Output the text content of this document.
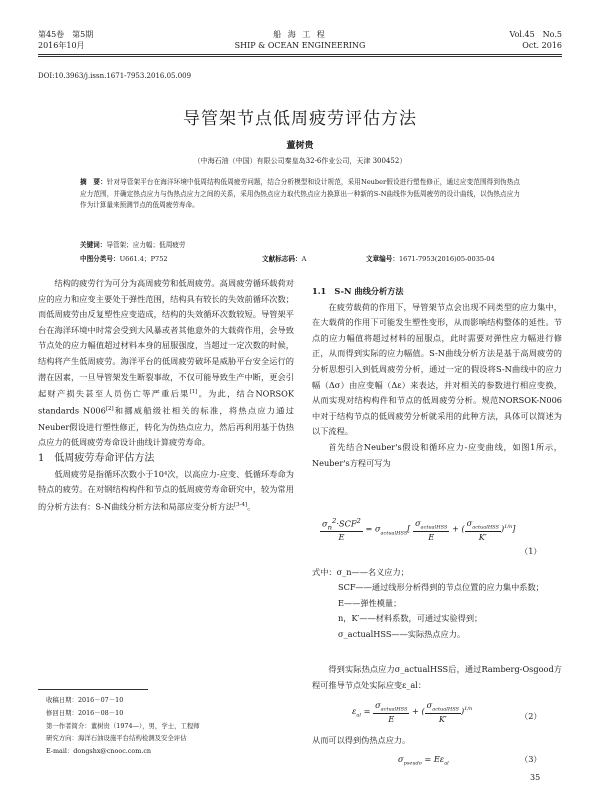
第45卷　第5期
2016年10月
船 海 工 程
SHIP & OCEAN ENGINEERING
Vol.45　No.5
Oct. 2016
DOI:10.3963/j.issn.1671-7953.2016.05.009
导管架节点低周疲劳评估方法
董树贵
（中海石油（中国）有限公司秦皇岛32-6作业公司，天津 300452）
摘　要：针对导管架平台在海洋环境中低周结构低周疲劳问题，结合分析模型和设计规范，采用Neuber假设进行塑性修正，通过应变范围得到伪热点应力范围，并确定热点应力与伪热点应力之间的关系，采用伪热点应力取代热点应力换算出一种新的S-N曲线作为低周疲劳的设计曲线，以伪热点应力作为计算量来预测节点的低周疲劳寿命。
关键词：导管架；应力幅；低周疲劳
中图分类号：U661.4；P752	文献标志码：A	文章编号：1671-7953(2016)05-0035-04

结构的疲劳行为可分为高周疲劳和低周疲劳。高周疲劳循环载荷对应的应力和应变主要处于弹性范围，结构具有较长的失效前循环次数；而低周疲劳由反复塑性应变造成，结构的失效循环次数较短。导管架平台在海洋环境中时常会受到大风暴或者其他意外的大载荷作用，会导致节点处的应力幅值超过材料本身的屈服强度，当超过一定次数的时候，结构将产生低周疲劳。海洋平台的低周疲劳破坏是威胁平台安全运行的潜在因素，一旦导管架发生断裂事故，不仅可能导致生产中断，更会引起财产损失甚至人员伤亡等严重后果[1]。为此，结合NORSOK standards N006[2]和挪威船级社相关的标准，将热点应力通过Neuber假设进行塑性修正，转化为伪热点应力，然后再利用基于伪热点应力的低周疲劳寿命设计曲线计算疲劳寿命。

1　 低周疲劳寿命评估方法

低周疲劳是指循环次数小于10⁴次，以高应力-应变、低循环寿命为特点的疲劳。在对钢结构构件和节点的低周疲劳寿命研究中，较为常用的分析方法有：S-N曲线分析方法和局部应变分析方法[3-4]。

收稿日期：2016－07－10
修回日期：2016－08－10
第一作者简介：董树贵（1974—），男，学士，工程师
研究方向：海洋石油设施平台结构检测及安全评估
E-mail：dongshx@cnooc.com.cn

1.1　S-N 曲线分析方法

在疲劳载荷的作用下，导管架节点会出现不同类型的应力集中，在大载荷的作用下可能发生塑性变形，从而影响结构整体的延性。节点的应力幅值将超过材料的屈服点，此时需要对弹性应力幅进行修正，从而得到实际的应力幅值。S-N曲线分析方法是基于高周疲劳的分析思想引入到低周疲劳分析，通过一定的假设将S-N曲线中的应力幅（Δσ）由应变幅（Δε）来表达，并对相关的参数进行相应变换，从而实现对结构构件和节点的低周疲劳分析。规范NORSOK-N006中对于结构节点的低周疲劳分析就采用的此种方法，具体可以简述为以下流程。

首先结合Neuber's假设和循环应力-应变曲线，如图1所示，Neuber's方程可写为

$\frac{\sigma_n^2\cdot SCF^2}{E} = \sigma_{actualHSS}[ \frac{\sigma_{actualHSS}}{E}$ + ( $\frac{\sigma_{actualHSS}}{K'} )^{1/n}$]
（1）
式中：σ_n——名义应力；
SCF——通过线形分析得到的节点位置的应力集中系数；
E——弹性模量；
n，K′——材料系数，可通过实验得到；
σ_actualHSS——实际热点应力。

得到实际热点应力σ_actualHSS后，通过Ramberg-Osgood方程可推导节点处实际应变ε_al：

$\varepsilon_{al} = \frac{\sigma_{actualHSS}}{E}$ + ( $\frac{\sigma_{actualHSS}}{K'} )^{1/n}$
（2）
从而可以得到伪热点应力。
$\sigma_{pseudo} = E\varepsilon_{al}$	（3）
35
